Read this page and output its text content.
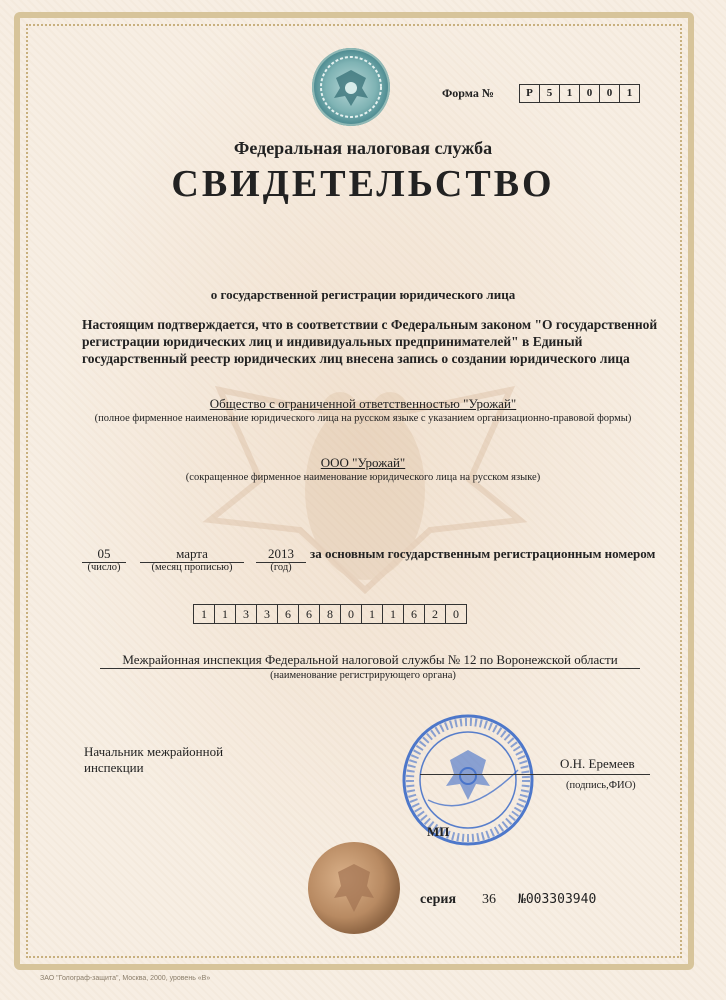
Форма №	Р	5	1	0	0	1
Федеральная налоговая служба
СВИДЕТЕЛЬСТВО
о государственной регистрации юридического лица
Настоящим подтверждается, что в соответствии с Федеральным законом "О государственной регистрации юридических лиц и индивидуальных предпринимателей" в Единый государственный реестр юридических лиц внесена запись о создании юридического лица
Общество с ограниченной ответственностью "Урожай"
(полное фирменное наименование юридического лица на русском языке с указанием организационно-правовой формы)
ООО "Урожай"
(сокращенное фирменное наименование юридического лица на русском языке)
05
(число)
марта
(месяц прописью)
2013
(год)
за основным государственным регистрационным номером
1	1	3	3	6	6	8	0	1	1	6	2	0
Межрайонная инспекция Федеральной налоговой службы № 12 по Воронежской области
(наименование регистрирующего органа)
Начальник межрайонной инспекции	О.Н. Еремеев
(подпись,ФИО)
МП
серия 36 №003303940
ЗАО "Голограф-защита", Москва, 2000, уровень «В»
